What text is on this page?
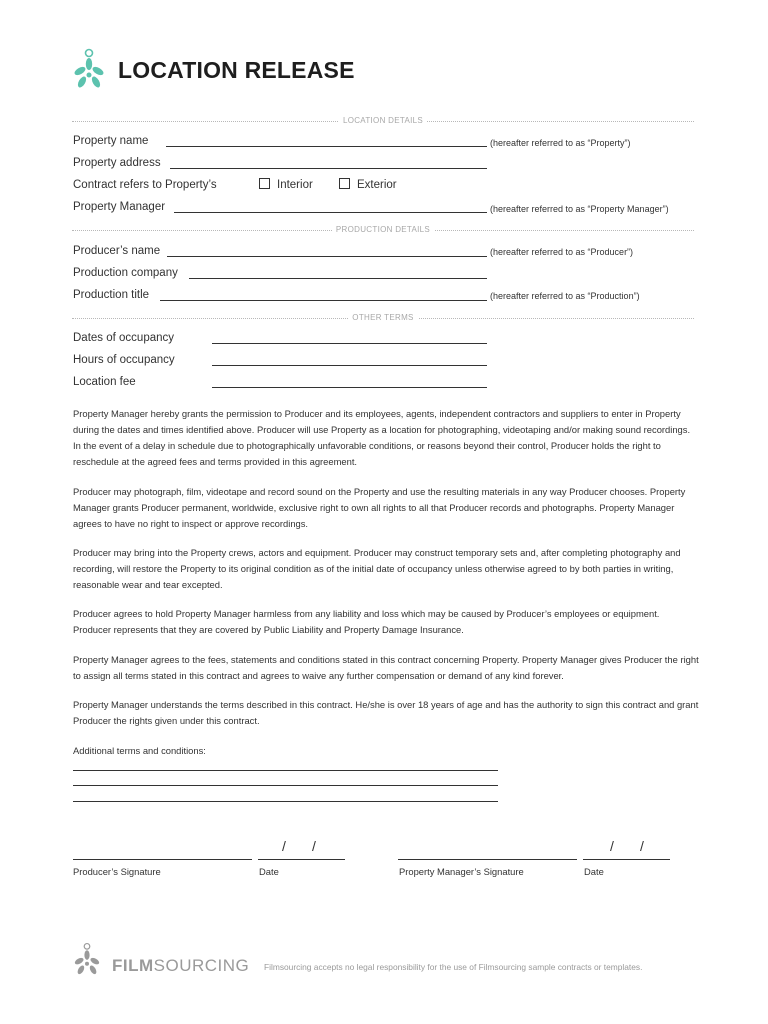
LOCATION RELEASE
LOCATION DETAILS
Property name	(hereafter referred to as “Property”)
Property address
Contract refers to Property’s	Interior	Exterior
Property Manager	(hereafter referred to as “Property Manager”)
PRODUCTION DETAILS
Producer’s name	(hereafter referred to as “Producer”)
Production company
Production title	(hereafter referred to as “Production”)
OTHER TERMS
Dates of occupancy
Hours of occupancy
Location fee
Property Manager hereby grants the permission to Producer and its employees, agents, independent contractors and suppliers to enter in Property during the dates and times identified above. Producer will use Property as a location for photographing, videotaping and/or making sound recordings. In the event of a delay in schedule due to photographically unfavorable conditions, or reasons beyond their control, Producer holds the right to reschedule at the agreed fees and terms provided in this agreement.
Producer may photograph, film, videotape and record sound on the Property and use the resulting materials in any way Producer chooses. Property Manager grants Producer permanent, worldwide, exclusive right to own all rights to all that Producer records and photographs. Property Manager agrees to have no right to inspect or approve recordings.
Producer may bring into the Property crews, actors and equipment. Producer may construct temporary sets and, after completing photography and recording, will restore the Property to its original condition as of the initial date of occupancy unless otherwise agreed to by both parties in writing, reasonable wear and tear excepted.
Producer agrees to hold Property Manager harmless from any liability and loss which may be caused by Producer’s employees or equipment. Producer represents that they are covered by Public Liability and Property Damage Insurance.
Property Manager agrees to the fees, statements and conditions stated in this contract concerning Property. Property Manager gives Producer the right to assign all terms stated in this contract and agrees to waive any further compensation or demand of any kind forever.
Property Manager understands the terms described in this contract. He/she is over 18 years of age and has the authority to sign this contract and grant Producer the rights given under this contract.
Additional terms and conditions:
/ /
Producer’s Signature	Date
/ /
Property Manager’s Signature	Date
FILMSOURCING Filmsourcing accepts no legal responsibility for the use of Filmsourcing sample contracts or templates.
